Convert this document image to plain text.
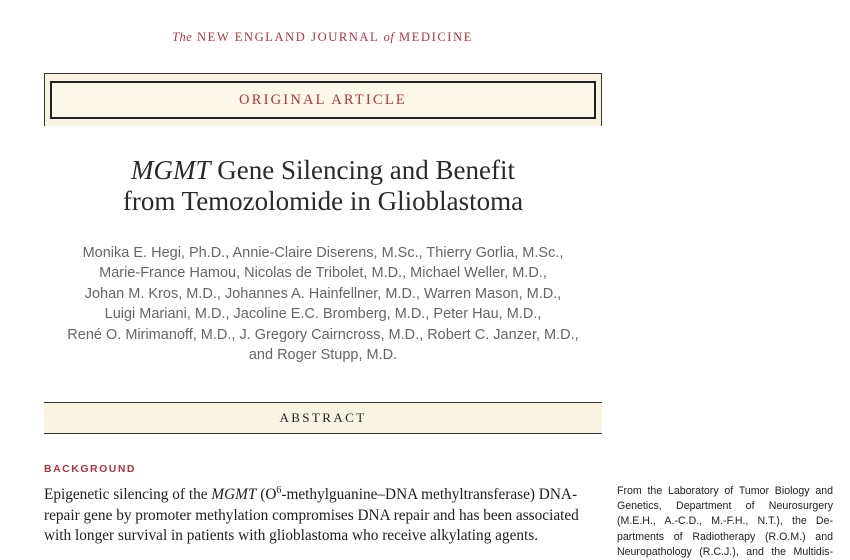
The NEW ENGLAND JOURNAL of MEDICINE
ORIGINAL ARTICLE
MGMT Gene Silencing and Benefit
from Temozolomide in Glioblastoma
Monika E. Hegi, Ph.D., Annie-Claire Diserens, M.Sc., Thierry Gorlia, M.Sc.,
Marie-France Hamou, Nicolas de Tribolet, M.D., Michael Weller, M.D.,
Johan M. Kros, M.D., Johannes A. Hainfellner, M.D., Warren Mason, M.D.,
Luigi Mariani, M.D., Jacoline E.C. Bromberg, M.D., Peter Hau, M.D.,
René O. Mirimanoff, M.D., J. Gregory Cairncross, M.D., Robert C. Janzer, M.D.,
and Roger Stupp, M.D.
ABSTRACT
BACKGROUND
Epigenetic silencing of the MGMT ($O^6-methylguanine$–DNA methyltransferase) DNA-repair gene by promoter methylation compromises DNA repair and has been associated with longer survival in patients with glioblastoma who receive alkylating agents.
From the Laboratory of Tumor Biology and
Genetics, Department of Neurosurgery
(M.E.H., A.-C.D., M.-F.H., N.T.), the De-
partments of Radiotherapy (R.O.M.) and
Neuropathology (R.C.J.), and the Multidis-
